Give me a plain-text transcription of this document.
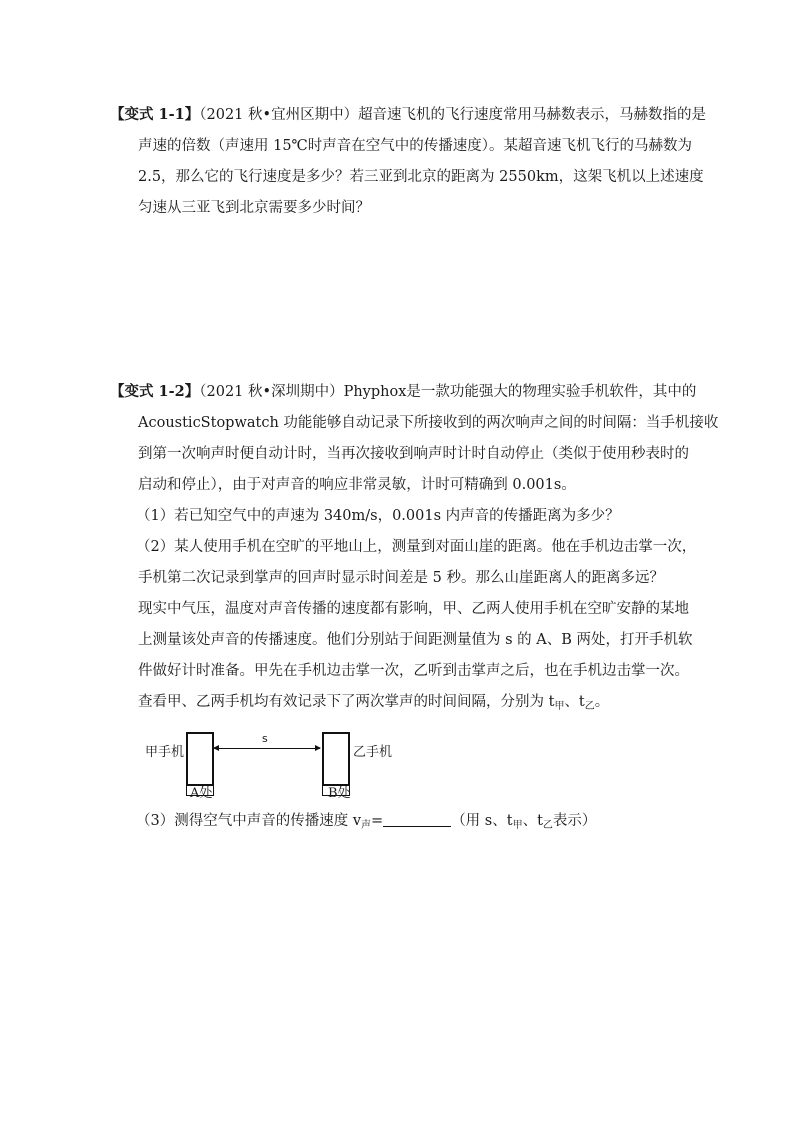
【变式 1-1】（2021 秋•宜州区期中）超音速飞机的飞行速度常用马赫数表示，马赫数指的是
声速的倍数（声速用 15℃时声音在空气中的传播速度）。某超音速飞机飞行的马赫数为
2.5，那么它的飞行速度是多少？若三亚到北京的距离为 2550km，这架飞机以上述速度
匀速从三亚飞到北京需要多少时间？
【变式 1-2】（2021 秋•深圳期中）Phyphox是一款功能强大的物理实验手机软件，其中的
AcousticStopwatch 功能能够自动记录下所接收到的两次响声之间的时间隔：当手机接收
到第一次响声时便自动计时，当再次接收到响声时计时自动停止（类似于使用秒表时的
启动和停止），由于对声音的响应非常灵敏，计时可精确到 0.001s。
（1）若已知空气中的声速为 340m/s，0.001s 内声音的传播距离为多少？
（2）某人使用手机在空旷的平地山上，测量到对面山崖的距离。他在手机边击掌一次，
手机第二次记录到掌声的回声时显示时间差是 5 秒。那么山崖距离人的距离多远？
现实中气压，温度对声音传播的速度都有影响，甲、乙两人使用手机在空旷安静的某地
上测量该处声音的传播速度。他们分别站于间距测量值为 s 的 A、B 两处，打开手机软
件做好计时准备。甲先在手机边击掌一次，乙听到击掌声之后，也在手机边击掌一次。
查看甲、乙两手机均有效记录下了两次掌声的时间间隔，分别为 $t_甲$、$t_乙$。
甲手机
s
乙手机
A处	B处
（3）测得空气中声音的传播速度 $v_声=$	（用 s、$t_甲$、$t_乙$表示）
